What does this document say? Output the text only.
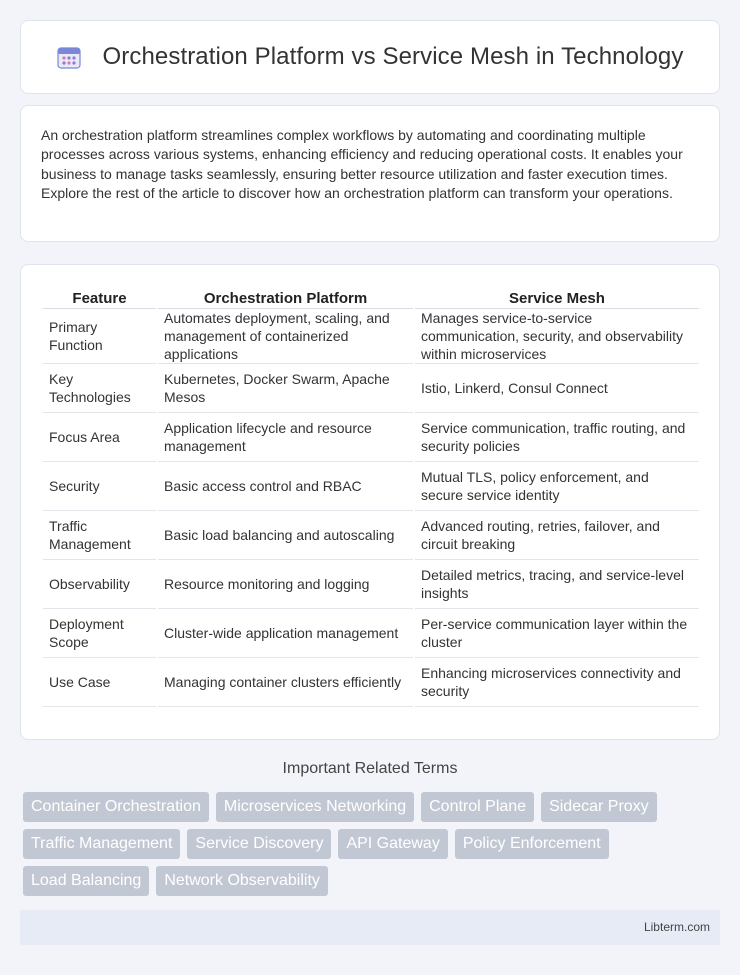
Orchestration Platform vs Service Mesh in Technology

An orchestration platform streamlines complex workflows by automating and coordinating multiple processes across various systems, enhancing efficiency and reducing operational costs. It enables your business to manage tasks seamlessly, ensuring better resource utilization and faster execution times. Explore the rest of the article to discover how an orchestration platform can transform your operations.

Feature		Orchestration Platform		Service Mesh
Primary Function		Automates deployment, scaling, and management of containerized applications		Manages service-to-service communication, security, and observability within microservices
Key Technologies		Kubernetes, Docker Swarm, Apache Mesos		Istio, Linkerd, Consul Connect
Focus Area		Application lifecycle and resource management		Service communication, traffic routing, and security policies
Security		Basic access control and RBAC		Mutual TLS, policy enforcement, and secure service identity
Traffic Management		Basic load balancing and autoscaling		Advanced routing, retries, failover, and circuit breaking
Observability		Resource monitoring and logging		Detailed metrics, tracing, and service-level insights
Deployment Scope		Cluster-wide application management		Per-service communication layer within the cluster
Use Case		Managing container clusters efficiently		Enhancing microservices connectivity and security
Important Related Terms
Container Orchestration	Microservices Networking	Control Plane	Sidecar Proxy
Traffic Management	Service Discovery	API Gateway	Policy Enforcement
Load Balancing	Network Observability
Libterm.com
